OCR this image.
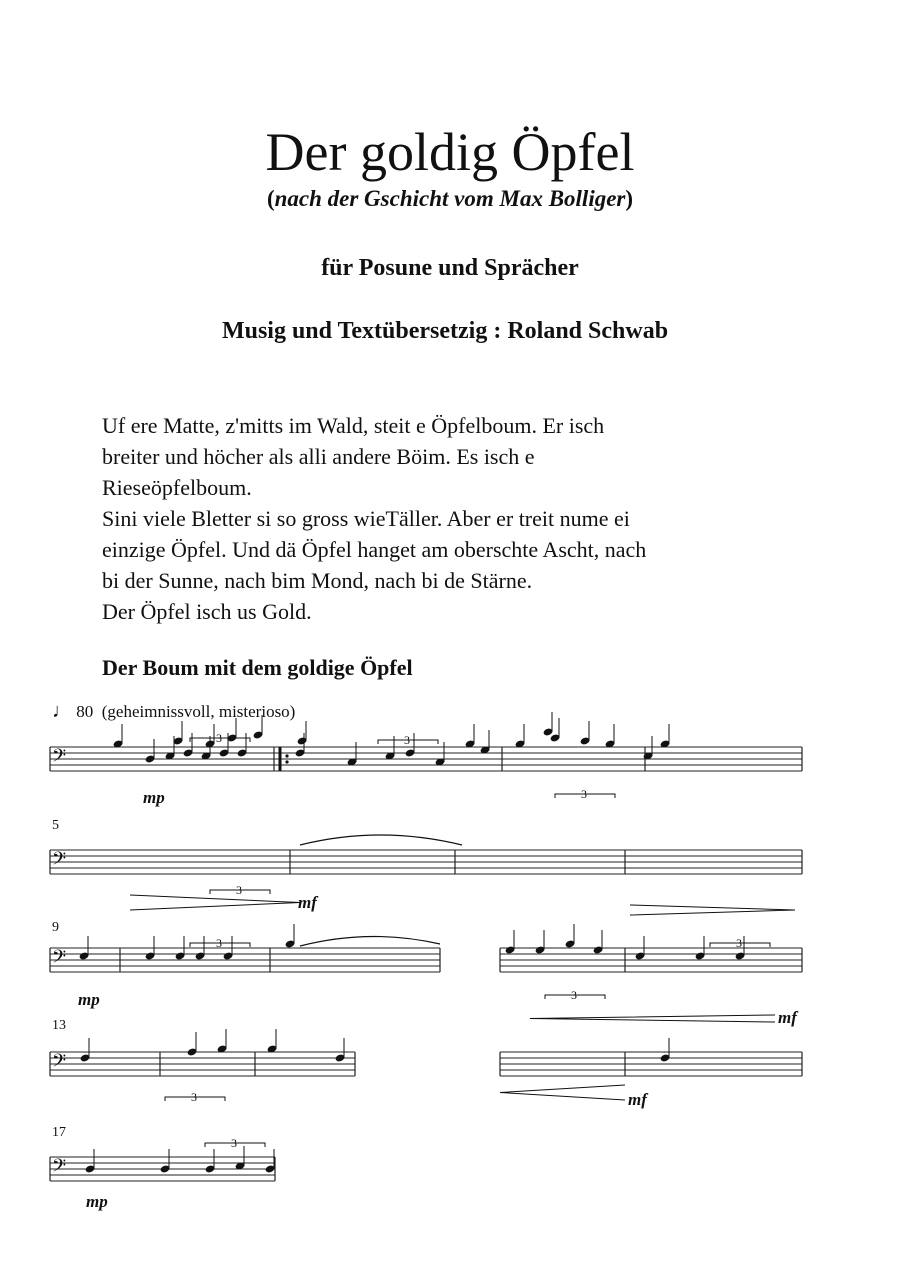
Der goldig Öpfel
(nach der Gschicht vom Max Bolliger)
für Posune und Sprächer
Musig und Textübersetzig : Roland Schwab

Uf ere Matte, z'mitts im Wald, steit e Öpfelboum. Er isch

breiter und höcher als alli andere Böim. Es isch e

Rieseöpfelboum.

Sini viele Bletter si so gross wieTäller. Aber er treit nume ei

einzige Öpfel. Und dä Öpfel hanget am oberschte Ascht, nach

bi der Sunne, nach bim Mond, nach bi de Stärne.

Der Öpfel isch us Gold.

Der Boum mit dem goldige Öpfel
♩ 80 (geheimnissvoll, misterioso)
5
9
13
17
mp
mf
mp
mf
mf
mp
𝄢
𝄢
𝄢
𝄢
𝄢
3	3
3
3
3
3
3
3
3
